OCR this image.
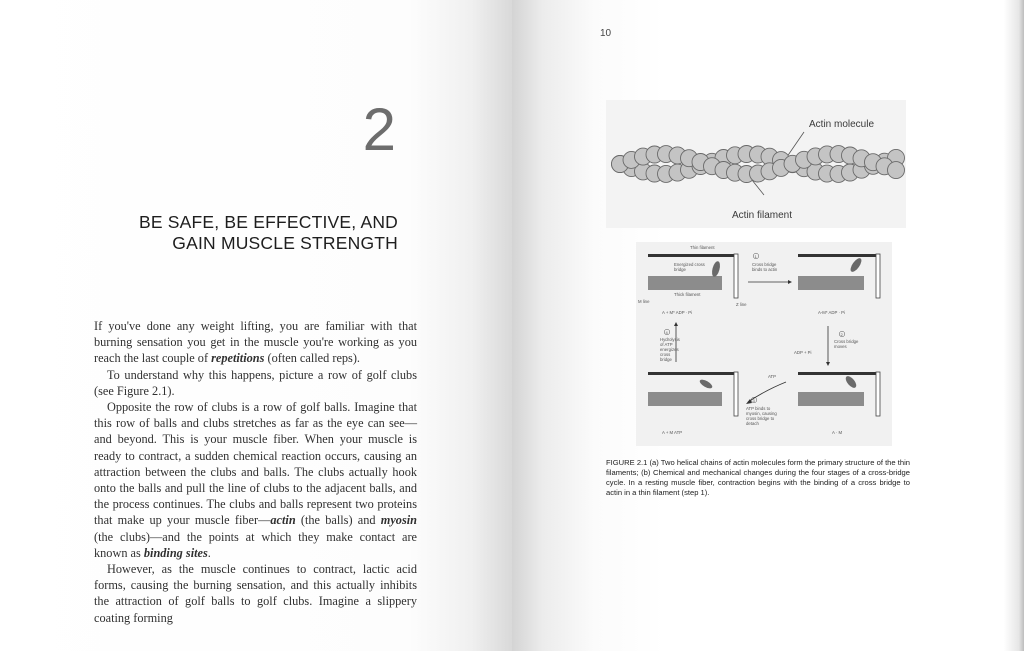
2
BE SAFE, BE EFFECTIVE, AND
GAIN MUSCLE STRENGTH

If you've done any weight lifting, you are familiar with that burning sensation you get in the muscle you're working as you reach the last couple of repetitions (often called reps).

To understand why this happens, picture a row of golf clubs (see Figure 2.1).

Opposite the row of clubs is a row of golf balls. Imagine that this row of balls and clubs stretches as far as the eye can see—and beyond. This is your muscle fiber. When your muscle is ready to contract, a sudden chemical reaction occurs, causing an attraction between the clubs and balls. The clubs actually hook onto the balls and pull the line of clubs to the adjacent balls, and the process continues. The clubs and balls represent two proteins that make up your muscle fiber—actin (the balls) and myosin (the clubs)—and the points at which they make contact are known as binding sites.

However, as the muscle continues to contract, lactic acid forms, causing the burning sensation, and this actually inhibits the attraction of golf balls to golf clubs. Imagine a slippery coating forming

10
Actin molecule
Actin filament
Thin filament
Energized cross bridge
Thick filament
M line
Z line
1
Cross bridge binds to actin
2
Cross bridge moves
3
ATP binds to myosin, causing cross bridge to detach
4
Hydrolysis of ATP energizes cross bridge
A + M* ADP · Pi	A-M* ADP · Pi
ADP + Pi
ATP
A + M ATP	A · M
FIGURE 2.1 (a) Two helical chains of actin molecules form the primary structure of the thin filaments; (b) Chemical and mechanical changes during the four stages of a cross-bridge cycle. In a resting muscle fiber, contraction begins with the binding of a cross bridge to actin in a thin filament (step 1).
